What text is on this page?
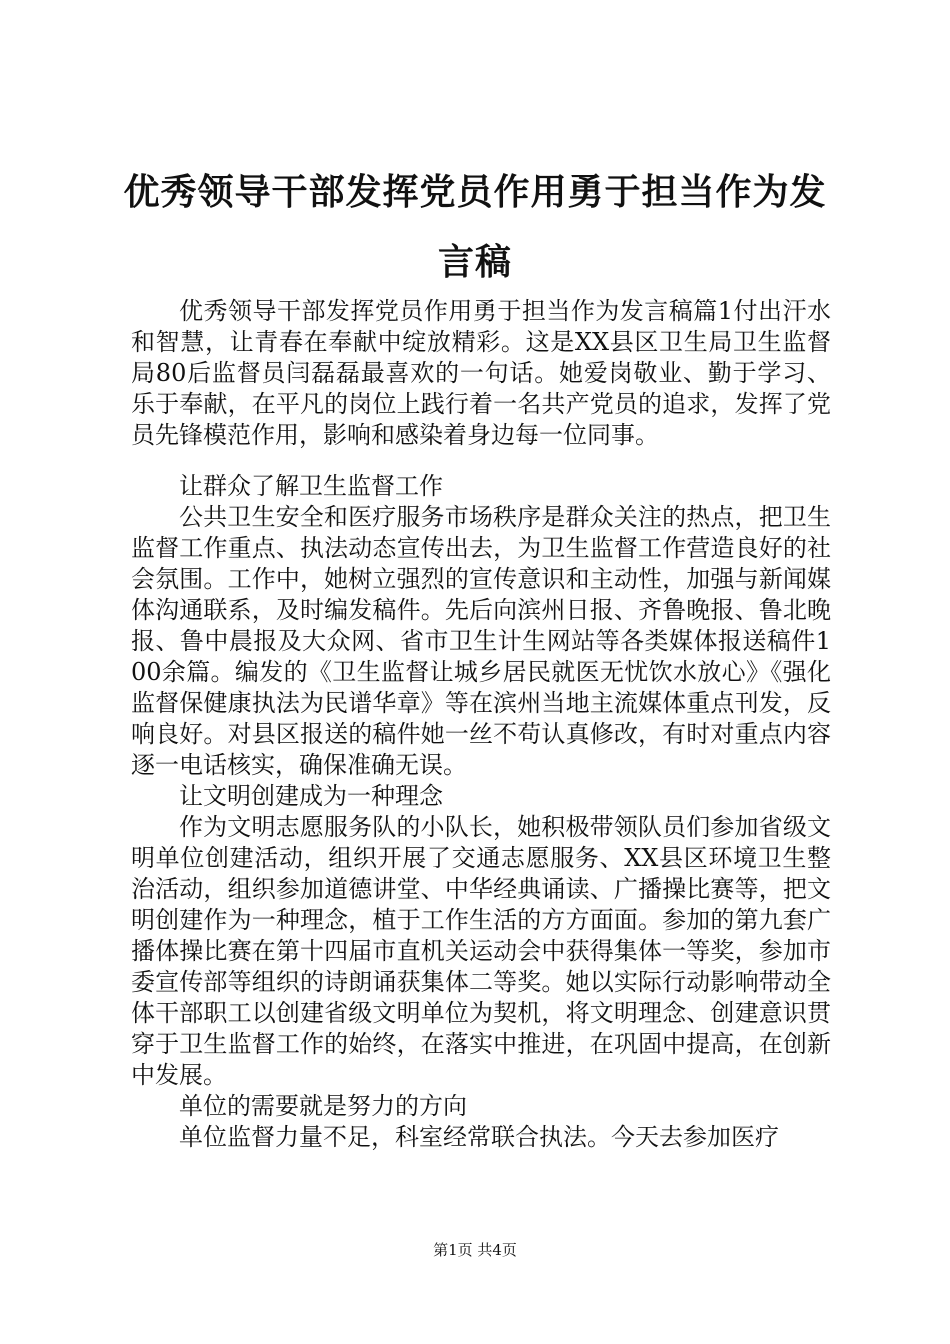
优秀领导干部发挥党员作用勇于担当作为发言稿

优秀领导干部发挥党员作用勇于担当作为发言稿篇1付出汗水和智慧，让青春在奉献中绽放精彩。这是XX县区卫生局卫生监督局80后监督员闫磊磊最喜欢的一句话。她爱岗敬业、勤于学习、乐于奉献，在平凡的岗位上践行着一名共产党员的追求，发挥了党员先锋模范作用，影响和感染着身边每一位同事。

让群众了解卫生监督工作

公共卫生安全和医疗服务市场秩序是群众关注的热点，把卫生监督工作重点、执法动态宣传出去，为卫生监督工作营造良好的社会氛围。工作中，她树立强烈的宣传意识和主动性，加强与新闻媒体沟通联系，及时编发稿件。先后向滨州日报、齐鲁晚报、鲁北晚报、鲁中晨报及大众网、省市卫生计生网站等各类媒体报送稿件100余篇。编发的《卫生监督让城乡居民就医无忧饮水放心》《强化监督保健康执法为民谱华章》等在滨州当地主流媒体重点刊发，反响良好。对县区报送的稿件她一丝不苟认真修改，有时对重点内容逐一电话核实，确保准确无误。

让文明创建成为一种理念

作为文明志愿服务队的小队长，她积极带领队员们参加省级文明单位创建活动，组织开展了交通志愿服务、XX县区环境卫生整治活动，组织参加道德讲堂、中华经典诵读、广播操比赛等，把文明创建作为一种理念，植于工作生活的方方面面。参加的第九套广播体操比赛在第十四届市直机关运动会中获得集体一等奖，参加市委宣传部等组织的诗朗诵获集体二等奖。她以实际行动影响带动全体干部职工以创建省级文明单位为契机，将文明理念、创建意识贯穿于卫生监督工作的始终，在落实中推进，在巩固中提高，在创新中发展。

单位的需要就是努力的方向

单位监督力量不足，科室经常联合执法。今天去参加医疗

第1页 共4页
